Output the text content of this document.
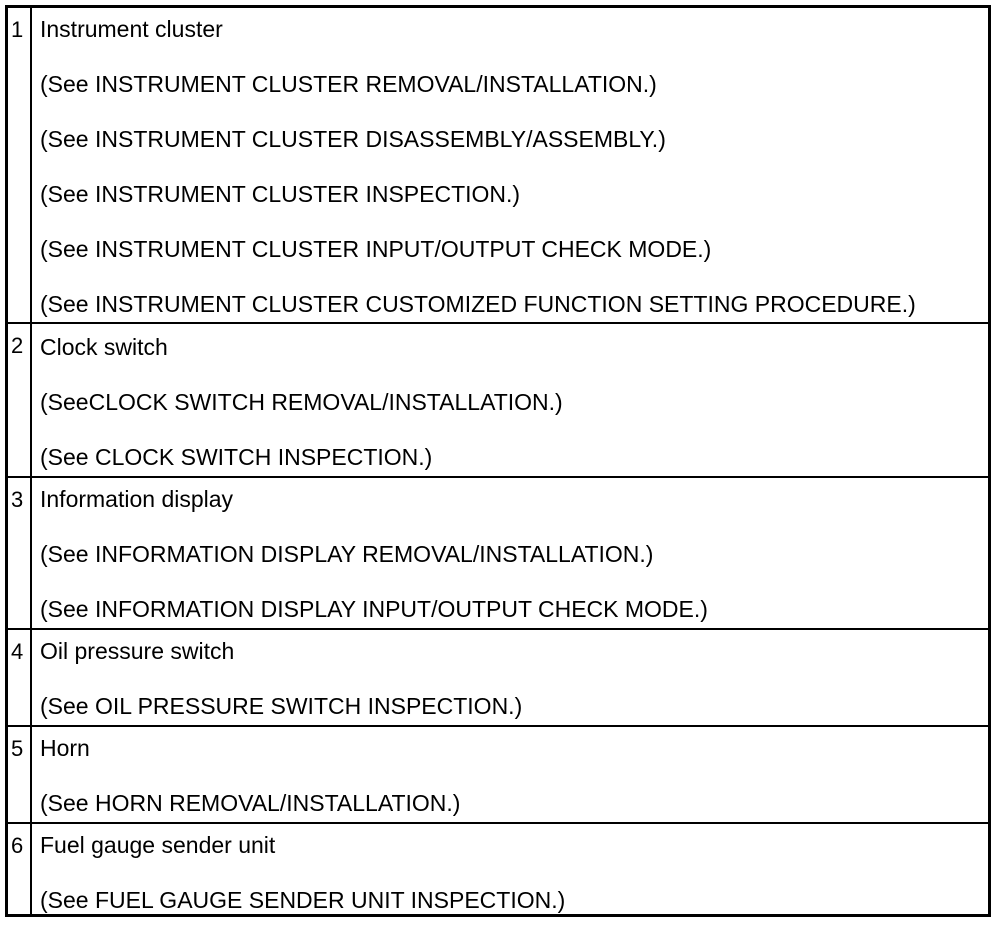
1 Instrument cluster
(See INSTRUMENT CLUSTER REMOVAL/INSTALLATION.)
(See INSTRUMENT CLUSTER DISASSEMBLY/ASSEMBLY.)
(See INSTRUMENT CLUSTER INSPECTION.)
(See INSTRUMENT CLUSTER INPUT/OUTPUT CHECK MODE.)
(See INSTRUMENT CLUSTER CUSTOMIZED FUNCTION SETTING PROCEDURE.)
2 Clock switch
(SeeCLOCK SWITCH REMOVAL/INSTALLATION.)
(See CLOCK SWITCH INSPECTION.)
3 Information display
(See INFORMATION DISPLAY REMOVAL/INSTALLATION.)
(See INFORMATION DISPLAY INPUT/OUTPUT CHECK MODE.)
4 Oil pressure switch
(See OIL PRESSURE SWITCH INSPECTION.)
5 Horn
(See HORN REMOVAL/INSTALLATION.)
6 Fuel gauge sender unit
(See FUEL GAUGE SENDER UNIT INSPECTION.)
